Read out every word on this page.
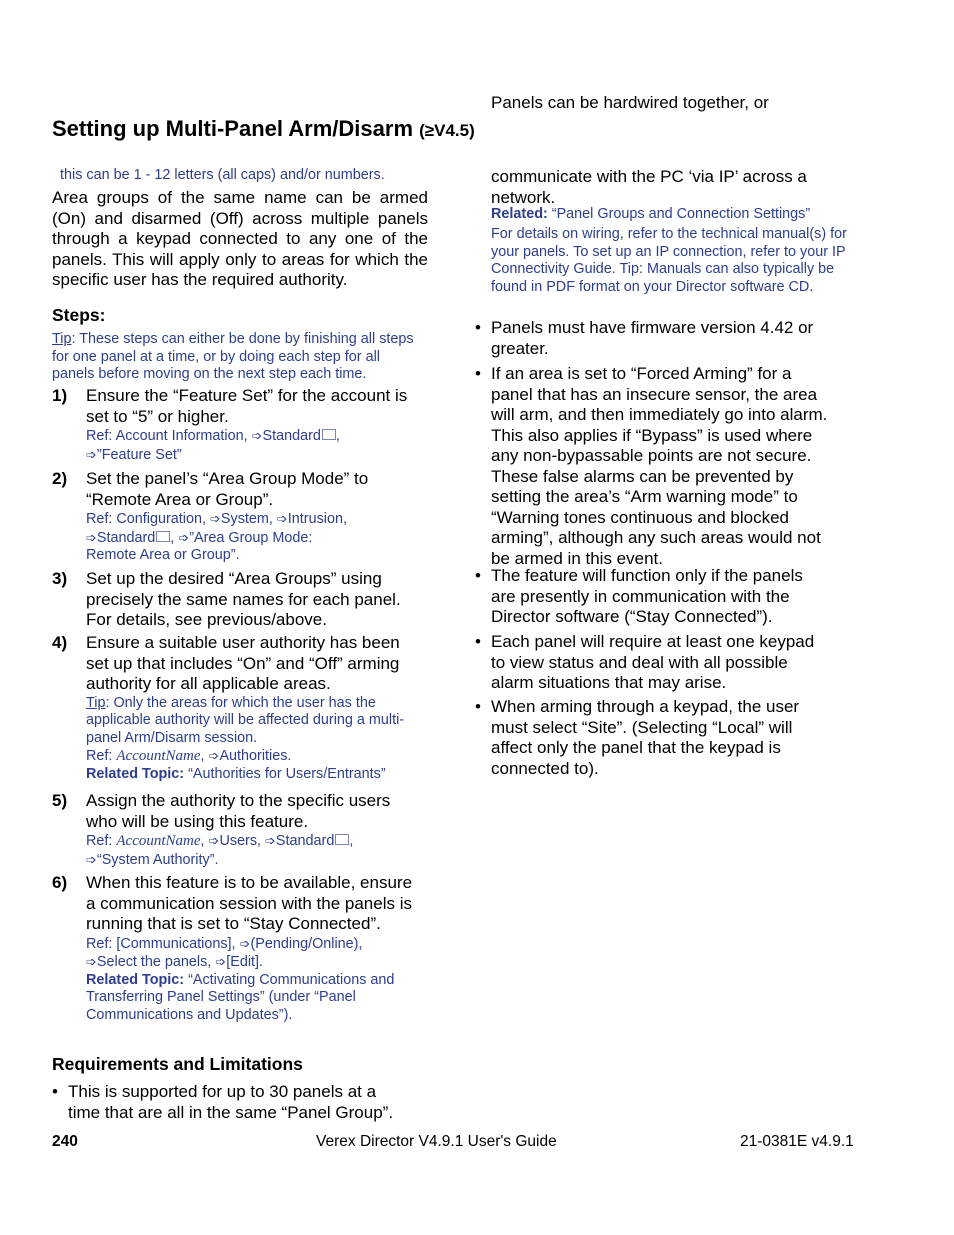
Panels can be hardwired together, or
Setting up Multi-Panel Arm/Disarm (≥V4.5)
this can be 1 - 12 letters (all caps) and/or numbers.
Area groups of the same name can be armed (On) and disarmed (Off) across multiple panels through a keypad connected to any one of the panels. This will apply only to areas for which the specific user has the required authority.
Steps:
Tip: These steps can either be done by finishing all steps for one panel at a time, or by doing each step for all panels before moving on the next step each time.
1) Ensure the “Feature Set” for the account is set to “5” or higher.
Ref: Account Information, ➩Standard ,
➩”Feature Set”
2) Set the panel’s “Area Group Mode” to “Remote Area or Group”.
Ref: Configuration, ➩System, ➩Intrusion,
➩Standard , ➩”Area Group Mode:
Remote Area or Group”.
3) Set up the desired “Area Groups” using precisely the same names for each panel. For details, see previous/above.
4) Ensure a suitable user authority has been set up that includes “On” and “Off” arming authority for all applicable areas.
Tip: Only the areas for which the user has the applicable authority will be affected during a multi-panel Arm/Disarm session.
Ref: AccountName, ➩Authorities.
Related Topic: “Authorities for Users/Entrants”
5) Assign the authority to the specific users who will be using this feature.
Ref: AccountName, ➩Users, ➩Standard ,
➩“System Authority”.
6) When this feature is to be available, ensure a communication session with the panels is running that is set to “Stay Connected”.
Ref: [Communications], ➩(Pending/Online),
➩Select the panels, ➩[Edit].
Related Topic: “Activating Communications and Transferring Panel Settings” (under “Panel Communications and Updates”).
Requirements and Limitations
• This is supported for up to 30 panels at a time that are all in the same “Panel Group”.
communicate with the PC ‘via IP’ across a network.
Related: “Panel Groups and Connection Settings”
For details on wiring, refer to the technical manual(s) for your panels. To set up an IP connection, refer to your IP Connectivity Guide. Tip: Manuals can also typically be found in PDF format on your Director software CD.
• Panels must have firmware version 4.42 or greater.
• If an area is set to “Forced Arming” for a panel that has an insecure sensor, the area will arm, and then immediately go into alarm. This also applies if “Bypass” is used where any non-bypassable points are not secure. These false alarms can be prevented by setting the area’s “Arm warning mode” to “Warning tones continuous and blocked arming”, although any such areas would not be armed in this event.
• The feature will function only if the panels are presently in communication with the Director software (“Stay Connected”).
• Each panel will require at least one keypad to view status and deal with all possible alarm situations that may arise.
• When arming through a keypad, the user must select “Site”. (Selecting “Local” will affect only the panel that the keypad is connected to).
240	Verex Director V4.9.1 User's Guide	21-0381E v4.9.1
